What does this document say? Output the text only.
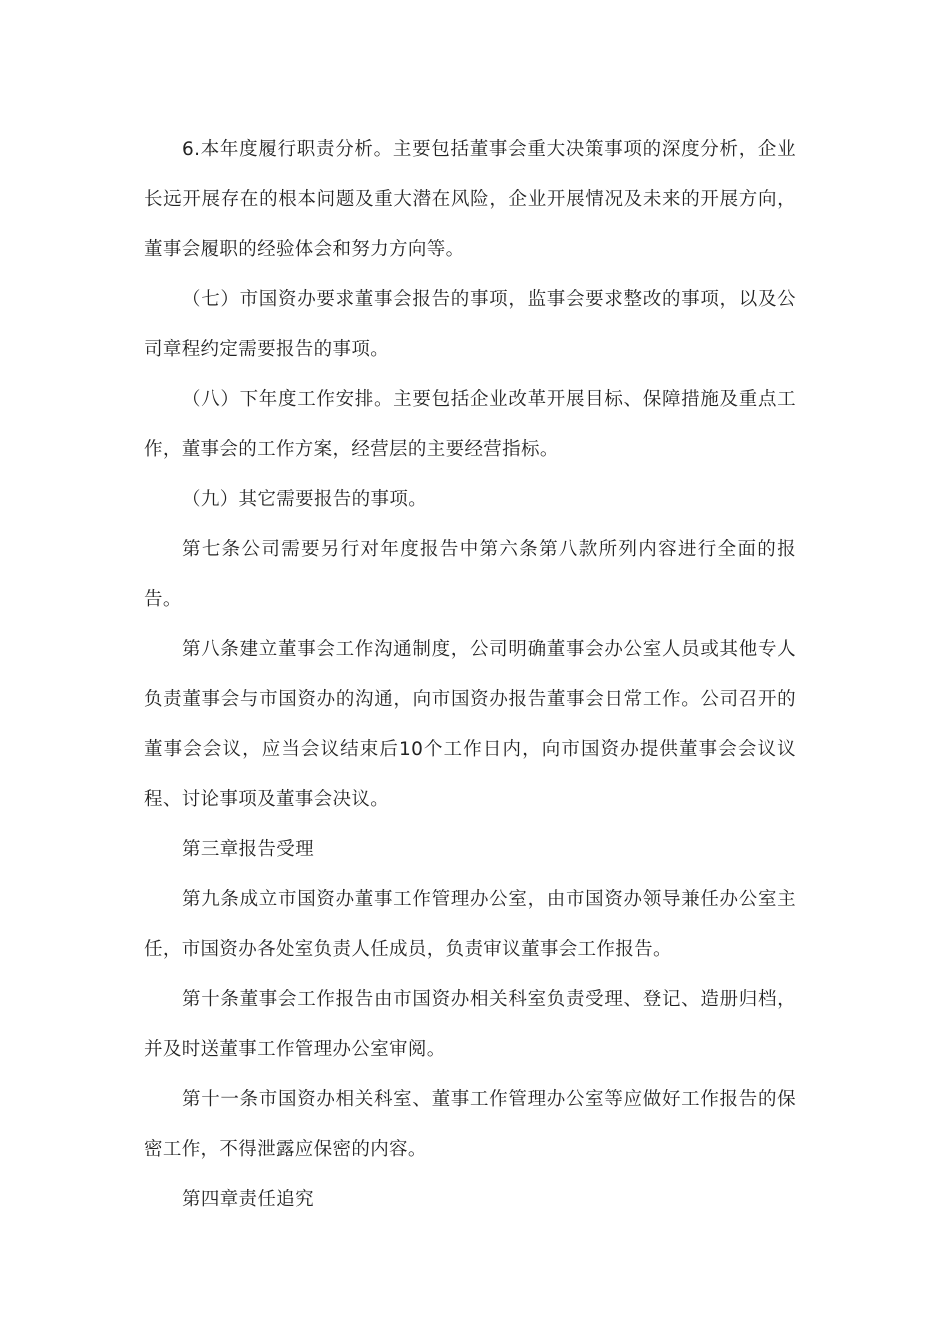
6.本年度履行职责分析。主要包括董事会重大决策事项的深度分析，企业长远开展存在的根本问题及重大潜在风险，企业开展情况及未来的开展方向，董事会履职的经验体会和努力方向等。

（七）市国资办要求董事会报告的事项，监事会要求整改的事项，以及公司章程约定需要报告的事项。

（八）下年度工作安排。主要包括企业改革开展目标、保障措施及重点工作，董事会的工作方案，经营层的主要经营指标。

（九）其它需要报告的事项。

第七条公司需要另行对年度报告中第六条第八款所列内容进行全面的报告。

第八条建立董事会工作沟通制度，公司明确董事会办公室人员或其他专人负责董事会与市国资办的沟通，向市国资办报告董事会日常工作。公司召开的董事会会议，应当会议结束后10个工作日内，向市国资办提供董事会会议议程、讨论事项及董事会决议。

第三章报告受理

第九条成立市国资办董事工作管理办公室，由市国资办领导兼任办公室主任，市国资办各处室负责人任成员，负责审议董事会工作报告。

第十条董事会工作报告由市国资办相关科室负责受理、登记、造册归档，并及时送董事工作管理办公室审阅。

第十一条市国资办相关科室、董事工作管理办公室等应做好工作报告的保密工作，不得泄露应保密的内容。

第四章责任追究
